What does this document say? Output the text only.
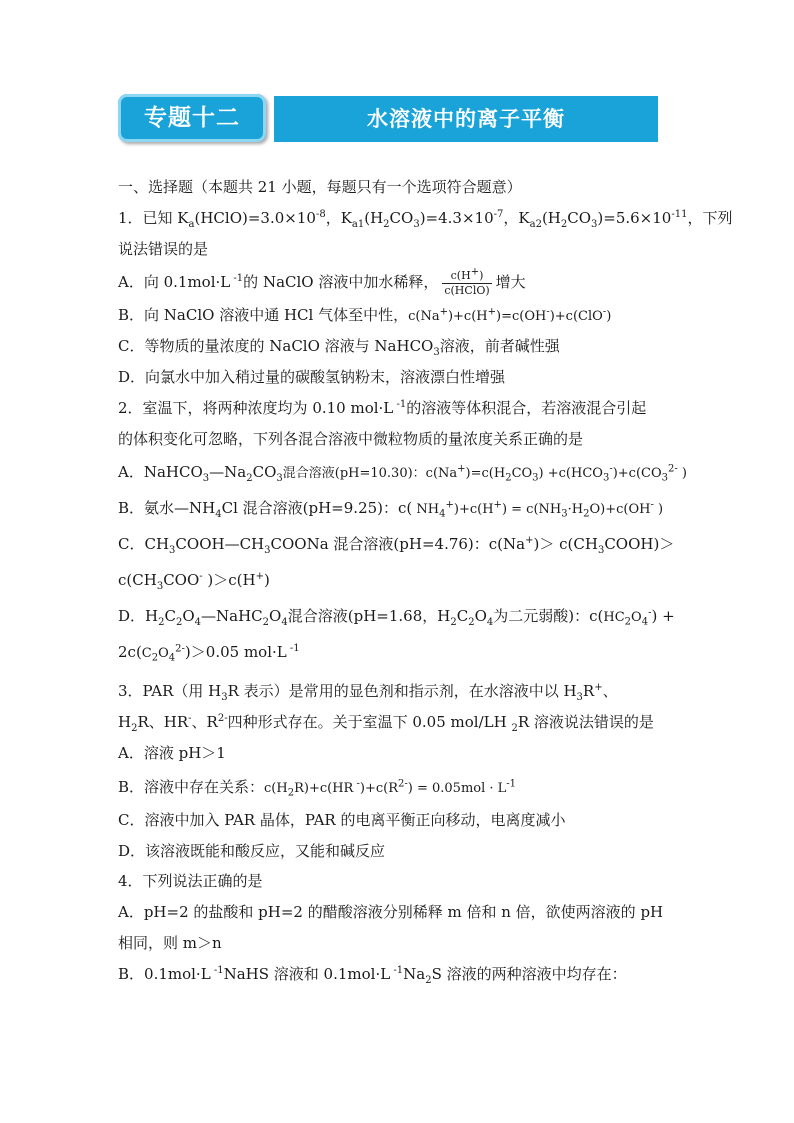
专题十二	水溶液中的离子平衡
一、选择题（本题共 21 小题，每题只有一个选项符合题意）
1．已知 $K_a(HClO)=3.0\times 10^{-8}$，$K_{a1}(H_2CO_3)=4.3\times 10^{-7}$，$K_{a2}(H_2CO_3)=5.6\times 10^{-11}$，下列
说法错误的是
A．向 0.1mol·L $^{-1}$的 NaClO 溶液中加水稀释， $\frac{c(H^+)}{\text{c(HClO)}}$ 增大
B．向 NaClO 溶液中通 HCl 气体至中性，c(Na+)+c(H+)=c(OH-)+c(ClO-)
C．等物质的量浓度的 NaClO 溶液与 NaHCO$_3$溶液，前者碱性强
D．向氯水中加入稍过量的碳酸氢钠粉末，溶液漂白性增强
2．室温下，将两种浓度均为 0.10 mol·L $^{-1}$的溶液等体积混合，若溶液混合引起
的体积变化可忽略，下列各混合溶液中微粒物质的量浓度关系正确的是
A．$NaHCO_3—Na_2CO_3$混合溶液(pH=10.30)：$c(Na^+)=c(H_2CO_3) +c(HCO_3^-)+c(CO_3^{2-}$ )
B．氨水$—NH_4Cl$ 混合溶液(pH=9.25)：c( $NH_4^+)+c(H^+) = c(NH_3\cdot H_2O)+c(OH^-$ )
C．$CH_3COOH—CH_3COONa$ 混合溶液(pH=4.76)：$c(Na^+)> c(CH_3COOH)>$
$c(CH_3COO^-$ )＞c(H+)
D．$H_2C_2O_4—NaHC_2O_4$混合溶液(pH=1.68，$H_2C_2O_4$为二元弱酸)：$c(HC_2O_4^-)$ +
$2c(C_2O_4^{2-})>0.05$ mol·L $^{-1}$
3．PAR（用 $H_3R$ 表示）是常用的显色剂和指示剂，在水溶液中以 $H_3R^+$、
$H_2R$、HR-、$R^{2-}$四种形式存在。关于室温下 0.05 mol/LH $_2$R 溶液说法错误的是
A．溶液 pH＞1
B．溶液中存在关系：$c(H_2R)+c(HR$ $^-)+c(R^{2-}) = 0.05mol \cdot L^{-1}$
C．溶液中加入 PAR 晶体，PAR 的电离平衡正向移动，电离度减小
D．该溶液既能和酸反应，又能和碱反应
4．下列说法正确的是
A．pH=2 的盐酸和 pH=2 的醋酸溶液分别稀释 m 倍和 n 倍，欲使两溶液的 pH
相同，则 m＞n
B．0.1mol·L $^{-1}$NaHS 溶液和 0.1mol·L $^{-1}Na_2S$ 溶液的两种溶液中均存在：
